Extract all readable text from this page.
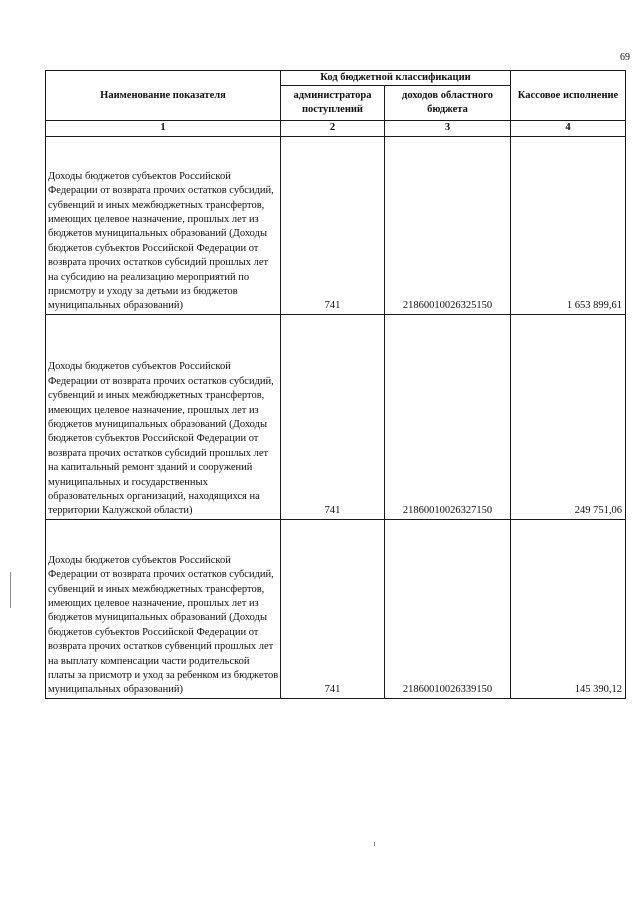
69
Наименование показателя	Код бюджетной классификации		Кассовое исполнение
	администратора поступлений	доходов областного бюджета	
1	2	3	4
Доходы бюджетов субъектов Российской Федерации от возврата прочих остатков субсидий, субвенций и иных межбюджетных трансфертов, имеющих целевое назначение, прошлых лет из бюджетов муниципальных образований (Доходы бюджетов субъектов Российской Федерации от возврата прочих остатков субсидий прошлых лет на субсидию на реализацию мероприятий по присмотру и уходу за детьми из бюджетов муниципальных образований)	741	21860010026325150	1 653 899,61
Доходы бюджетов субъектов Российской Федерации от возврата прочих остатков субсидий, субвенций и иных межбюджетных трансфертов, имеющих целевое назначение, прошлых лет из бюджетов муниципальных образований (Доходы бюджетов субъектов Российской Федерации от возврата прочих остатков субсидий прошлых лет на капитальный ремонт зданий и сооружений муниципальных и государственных образовательных организаций, находящихся на территории Калужской области)	741	21860010026327150	249 751,06
Доходы бюджетов субъектов Российской Федерации от возврата прочих остатков субсидий, субвенций и иных межбюджетных трансфертов, имеющих целевое назначение, прошлых лет из бюджетов муниципальных образований (Доходы бюджетов субъектов Российской Федерации от возврата прочих остатков субвенций прошлых лет на выплату компенсации части родительской платы за присмотр и уход за ребенком из бюджетов муниципальных образований)	741	21860010026339150	145 390,12
